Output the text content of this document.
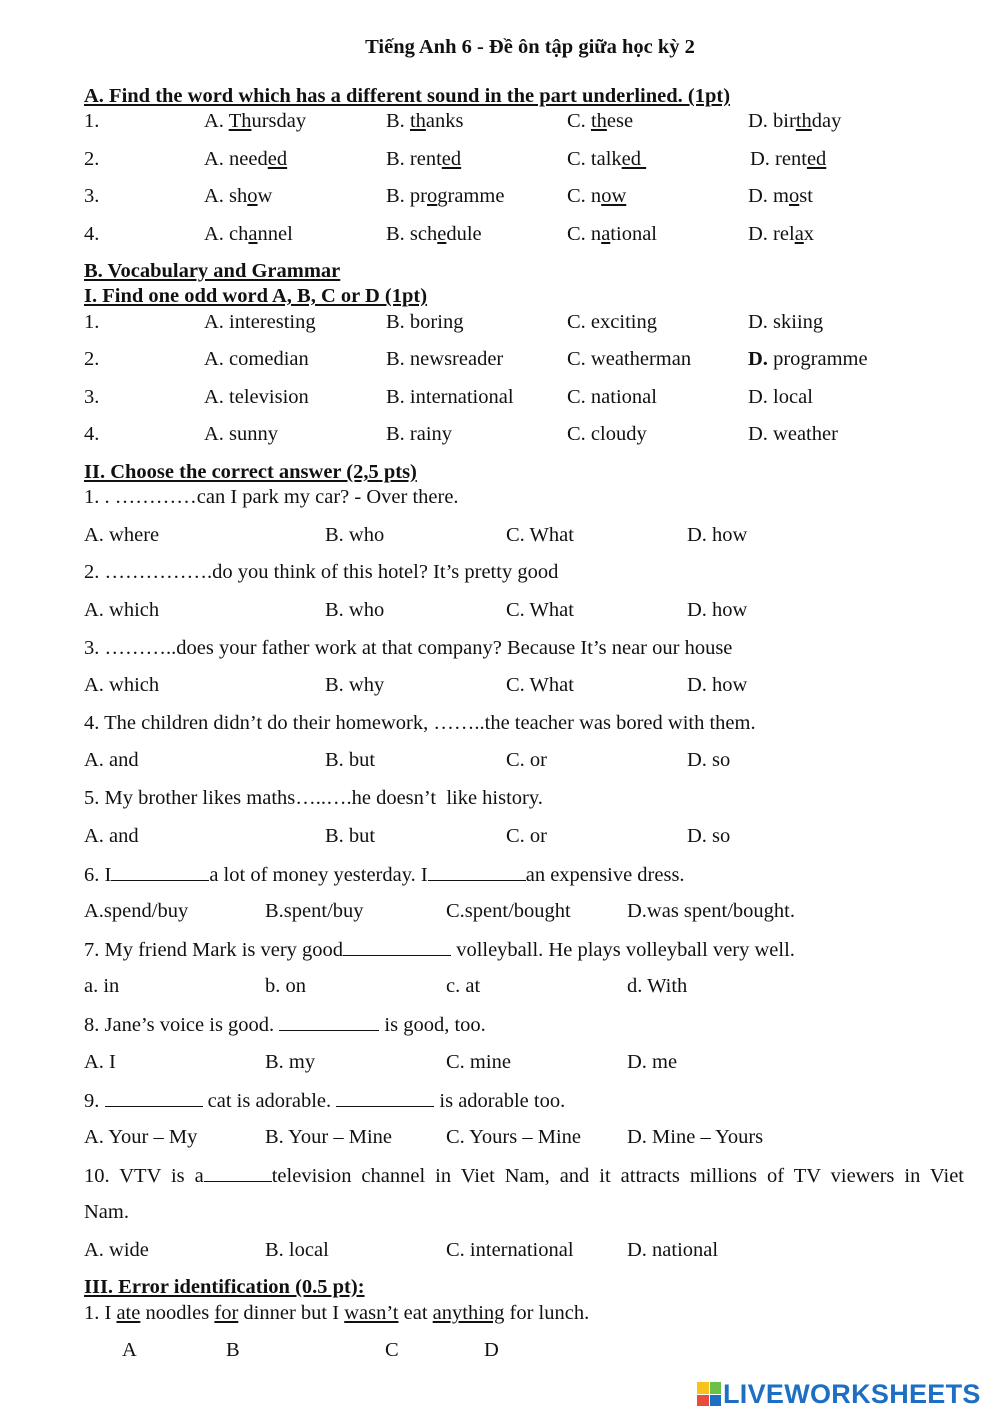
Tiếng Anh 6 - Đề ôn tập giữa học kỳ 2
A. Find the word which has a different sound in the part underlined. (1pt)
1.	A. Thursday	B. thanks	C. these	D. birthday
2.	A. needed	B. rented	C. talked	D. rented
3.	A. show	B. programme	C. now	D. most
4.	A. channel	B. schedule	C. national	D. relax
B. Vocabulary and Grammar
I. Find one odd word A, B, C or D (1pt)
1.	A. interesting	B. boring	C. exciting	D. skiing
2.	A. comedian	B. newsreader	C. weatherman	D. programme
3.	A. television	B. international	C. national	D. local
4.	A. sunny	B. rainy	C. cloudy	D. weather
II. Choose the correct answer (2,5 pts)
1. . …………can I park my car? - Over there.
A. where	B. who	C. What	D. how
2. …………….do you think of this hotel? It’s pretty good
A. which	B. who	C. What	D. how
3. ………..does your father work at that company? Because It’s near our house
A. which	B. why	C. What	D. how
4. The children didn’t do their homework, ……..the teacher was bored with them.
A. and	B. but	C. or	D. so
5. My brother likes maths…..….he doesn’t  like history.
A. and	B. but	C. or	D. so
6. I	a lot of money yesterday. I	an expensive dress.
A.spend/buy	B.spent/buy	C.spent/bought	D.was spent/bought.
7. My friend Mark is very good	volleyball. He plays volleyball very well.
a. in	b. on	c. at	d. With
8. Jane’s voice is good.	is good, too.
A. I	B. my	C. mine	D. me
9.	cat is adorable.	is adorable too.
A. Your – My	B. Your – Mine	C. Yours – Mine D. Mine – Yours
10. VTV is a	television channel in Viet Nam, and it attracts millions of TV viewers in Viet
Nam.
A. wide	B. local	C. international	D. national
III. Error identification (0.5 pt):
1. I ate noodles for dinner but I wasn’t eat anything for lunch.
A	B	C	D
LIVEWORKSHEETS
